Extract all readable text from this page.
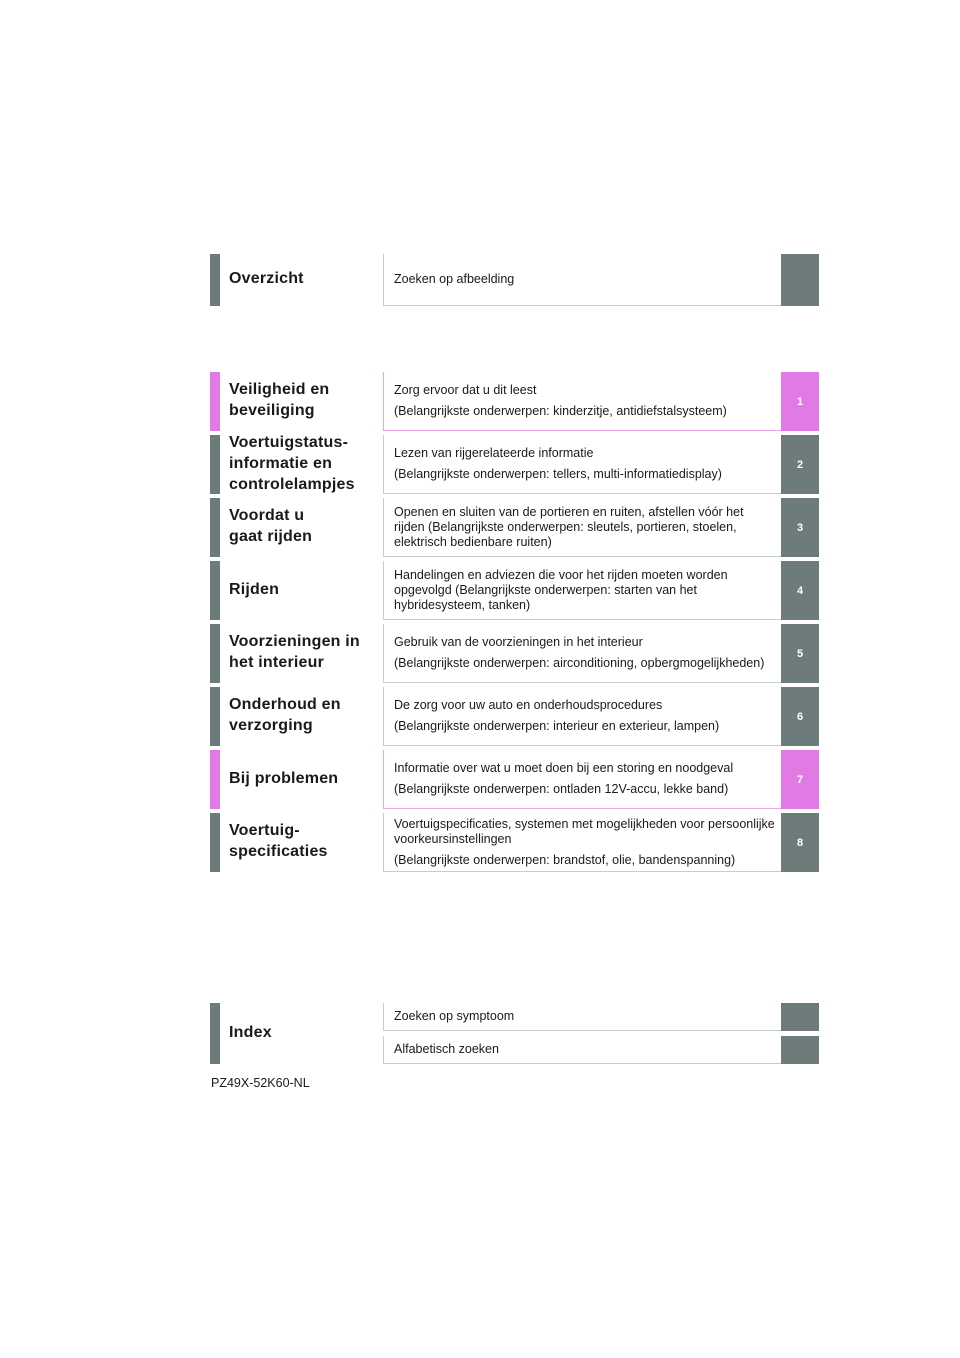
Overzicht	Zoeken op afbeelding

Veiligheid en
beveiliging

Zorg ervoor dat u dit leest

(Belangrijkste onderwerpen: kinderzitje, antidiefstalsysteem)

1
Voertuigstatus-
informatie en
controlelampjes

Lezen van rijgerelateerde informatie

(Belangrijkste onderwerpen: tellers, multi-informatiedisplay)

2
Voordat u
gaat rijden

Openen en sluiten van de portieren en ruiten, afstellen vóór het rijden (Belangrijkste onderwerpen: sleutels, portieren, stoelen, elektrisch bedienbare ruiten)

3
Rijden

Handelingen en adviezen die voor het rijden moeten worden opgevolgd (Belangrijkste onderwerpen: starten van het hybridesysteem, tanken)

4
Voorzieningen in
het interieur

Gebruik van de voorzieningen in het interieur

(Belangrijkste onderwerpen: airconditioning, opbergmogelijkheden)

5
Onderhoud en
verzorging

De zorg voor uw auto en onderhoudsprocedures

(Belangrijkste onderwerpen: interieur en exterieur, lampen)

6
Bij problemen

Informatie over wat u moet doen bij een storing en noodgeval

(Belangrijkste onderwerpen: ontladen 12V-accu, lekke band)

7
Voertuig-
specificaties

Voertuigspecificaties, systemen met mogelijkheden voor persoonlijke voorkeursinstellingen

(Belangrijkste onderwerpen: brandstof, olie, bandenspanning)

8
Index

Zoeken op symptoom

Alfabetisch zoeken

PZ49X-52K60-NL
